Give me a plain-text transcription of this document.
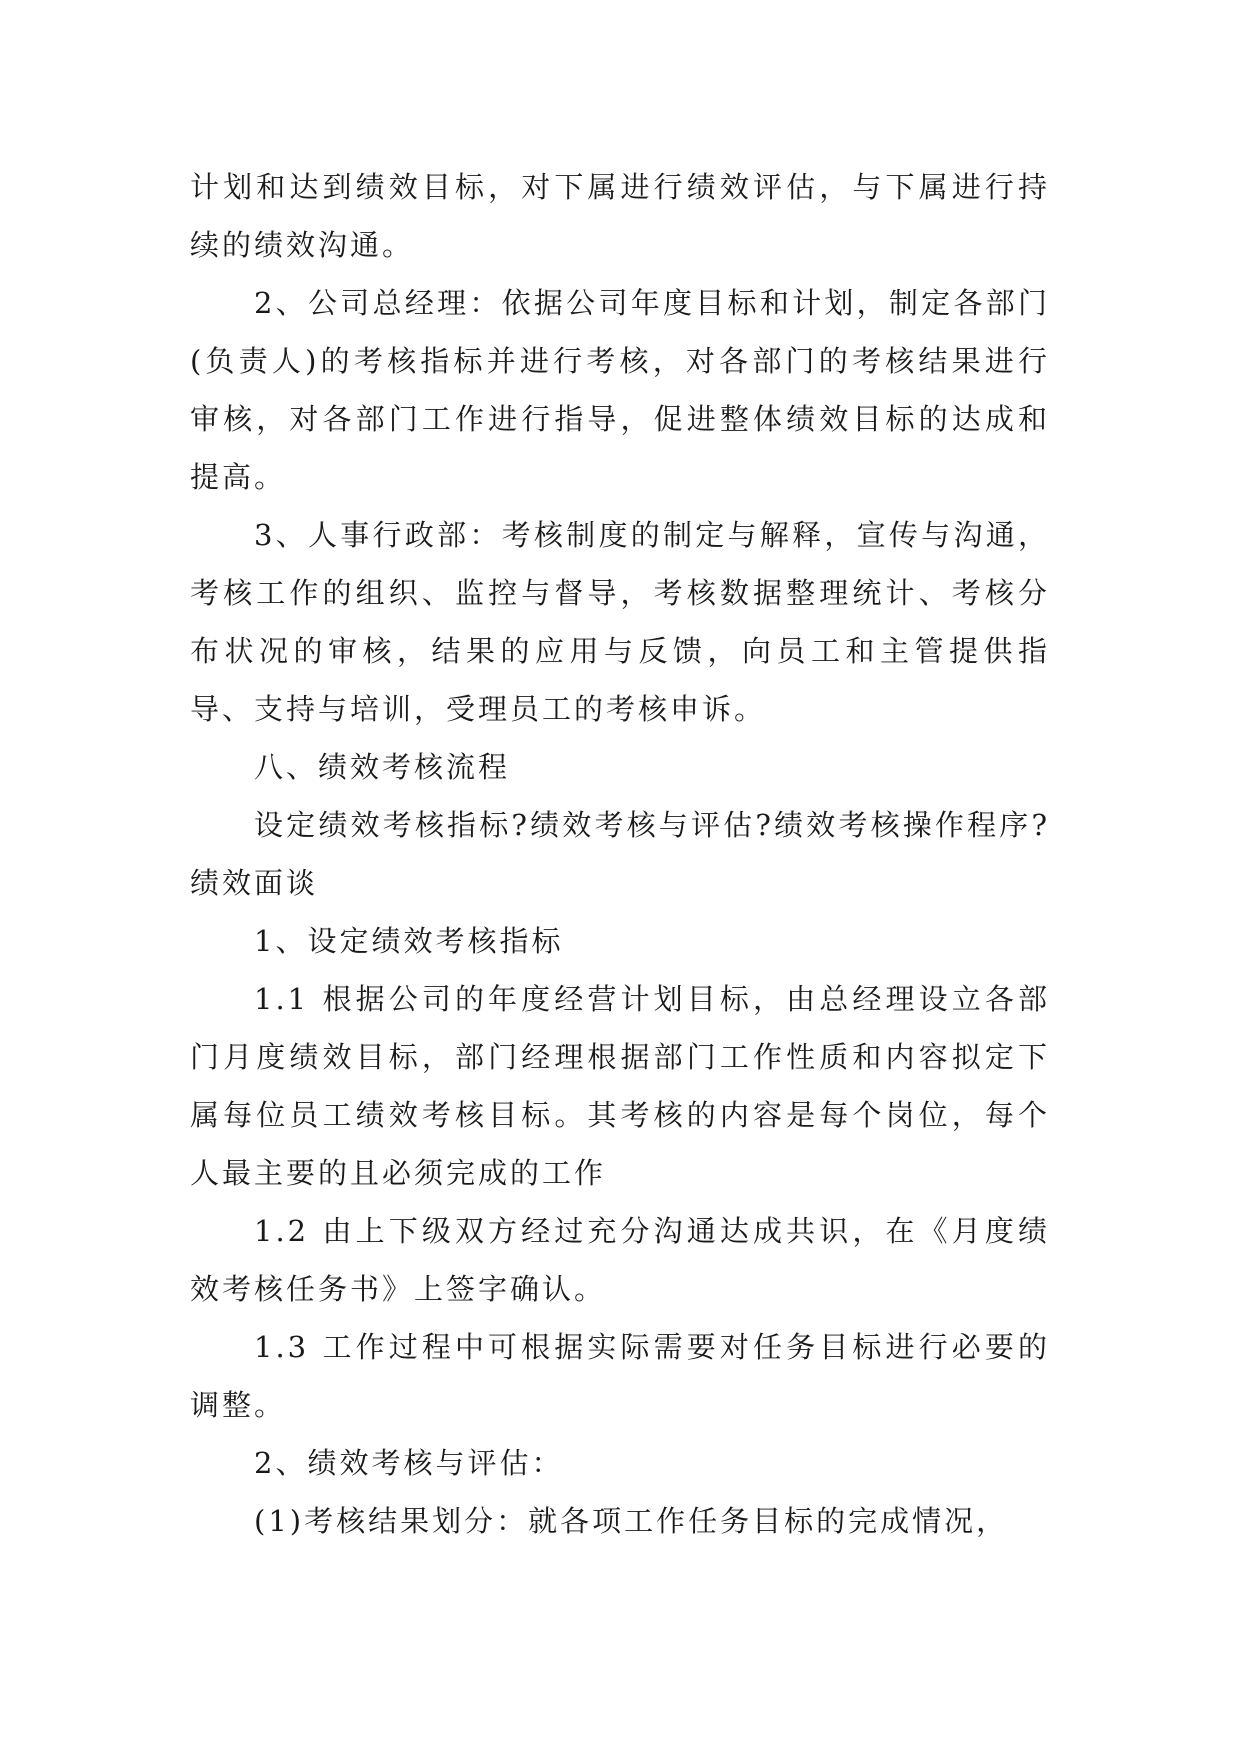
计划和达到绩效目标，对下属进行绩效评估，与下属进行持续的绩效沟通。

2、公司总经理：依据公司年度目标和计划，制定各部门(负责人)的考核指标并进行考核，对各部门的考核结果进行审核，对各部门工作进行指导，促进整体绩效目标的达成和提高。

3、人事行政部：考核制度的制定与解释，宣传与沟通，考核工作的组织、监控与督导，考核数据整理统计、考核分布状况的审核，结果的应用与反馈，向员工和主管提供指导、支持与培训，受理员工的考核申诉。

八、绩效考核流程

设定绩效考核指标?绩效考核与评估?绩效考核操作程序?绩效面谈

1、设定绩效考核指标

1.1 根据公司的年度经营计划目标，由总经理设立各部门月度绩效目标，部门经理根据部门工作性质和内容拟定下属每位员工绩效考核目标。其考核的内容是每个岗位，每个人最主要的且必须完成的工作

1.2 由上下级双方经过充分沟通达成共识，在《月度绩效考核任务书》上签字确认。

1.3 工作过程中可根据实际需要对任务目标进行必要的调整。

2、绩效考核与评估：

(1)考核结果划分：就各项工作任务目标的完成情况，
